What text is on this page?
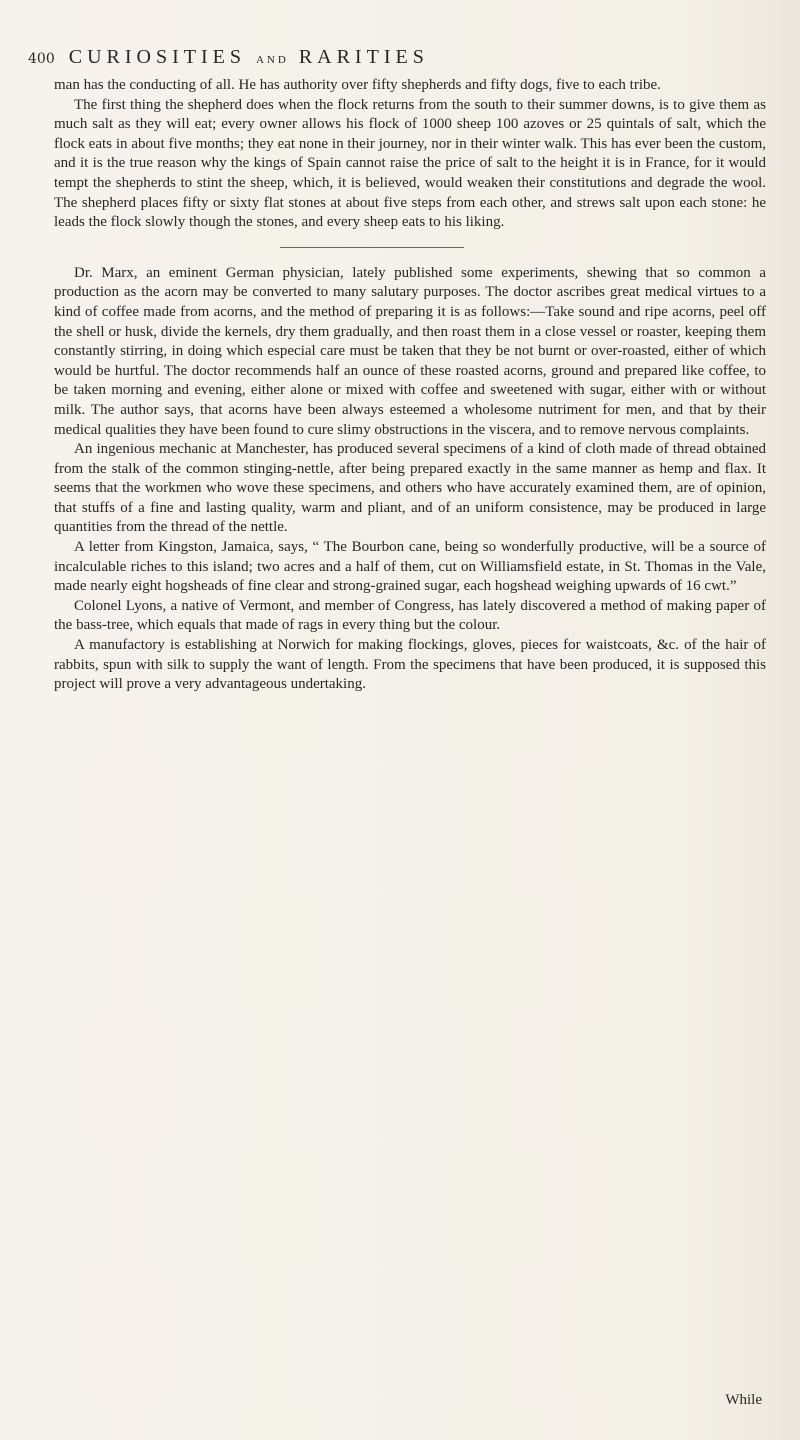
400 CURIOSITIES AND RARITIES

man has the conducting of all. He has authority over fifty shepherds and fifty dogs, five to each tribe.

The first thing the shepherd does when the flock returns from the south to their summer downs, is to give them as much salt as they will eat; every owner allows his flock of 1000 sheep 100 azoves or 25 quintals of salt, which the flock eats in about five months; they eat none in their journey, nor in their winter walk. This has ever been the custom, and it is the true reason why the kings of Spain cannot raise the price of salt to the height it is in France, for it would tempt the shepherds to stint the sheep, which, it is believed, would weaken their constitutions and degrade the wool. The shepherd places fifty or sixty flat stones at about five steps from each other, and strews salt upon each stone: he leads the flock slowly though the stones, and every sheep eats to his liking.

Dr. Marx, an eminent German physician, lately published some experiments, shewing that so common a production as the acorn may be converted to many salutary purposes. The doctor ascribes great medical virtues to a kind of coffee made from acorns, and the method of preparing it is as follows:—Take sound and ripe acorns, peel off the shell or husk, divide the kernels, dry them gradually, and then roast them in a close vessel or roaster, keeping them constantly stirring, in doing which especial care must be taken that they be not burnt or over-roasted, either of which would be hurtful. The doctor recommends half an ounce of these roasted acorns, ground and prepared like coffee, to be taken morning and evening, either alone or mixed with coffee and sweetened with sugar, either with or without milk. The author says, that acorns have been always esteemed a wholesome nutriment for men, and that by their medical qualities they have been found to cure slimy obstructions in the viscera, and to remove nervous complaints.

An ingenious mechanic at Manchester, has produced several specimens of a kind of cloth made of thread obtained from the stalk of the common stinging-nettle, after being prepared exactly in the same manner as hemp and flax. It seems that the workmen who wove these specimens, and others who have accurately examined them, are of opinion, that stuffs of a fine and lasting quality, warm and pliant, and of an uniform consistence, may be produced in large quantities from the thread of the nettle.

A letter from Kingston, Jamaica, says, “ The Bourbon cane, being so wonderfully productive, will be a source of incalculable riches to this island; two acres and a half of them, cut on Williamsfield estate, in St. Thomas in the Vale, made nearly eight hogsheads of fine clear and strong-grained sugar, each hogshead weighing upwards of 16 cwt.”

Colonel Lyons, a native of Vermont, and member of Congress, has lately discovered a method of making paper of the bass-tree, which equals that made of rags in every thing but the colour.

A manufactory is establishing at Norwich for making flockings, gloves, pieces for waistcoats, &c. of the hair of rabbits, spun with silk to supply the want of length. From the specimens that have been produced, it is supposed this project will prove a very advantageous undertaking.

While
